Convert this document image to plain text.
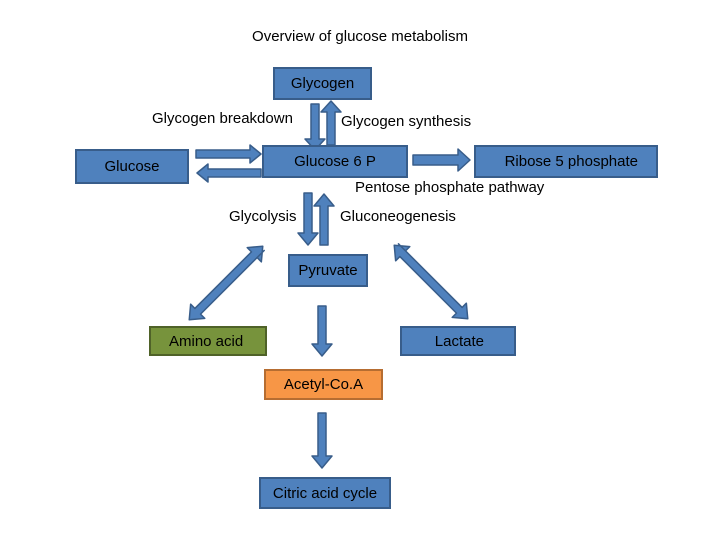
Overview of glucose metabolism
Glycogen
Glucose	Glucose 6 P	Ribose 5 phosphate
Pyruvate
Amino acid	Lactate
Acetyl-Co.A
Citric acid cycle
Glycogen breakdown	Glycogen synthesis
Pentose phosphate pathway
Glycolysis	Gluconeogenesis
